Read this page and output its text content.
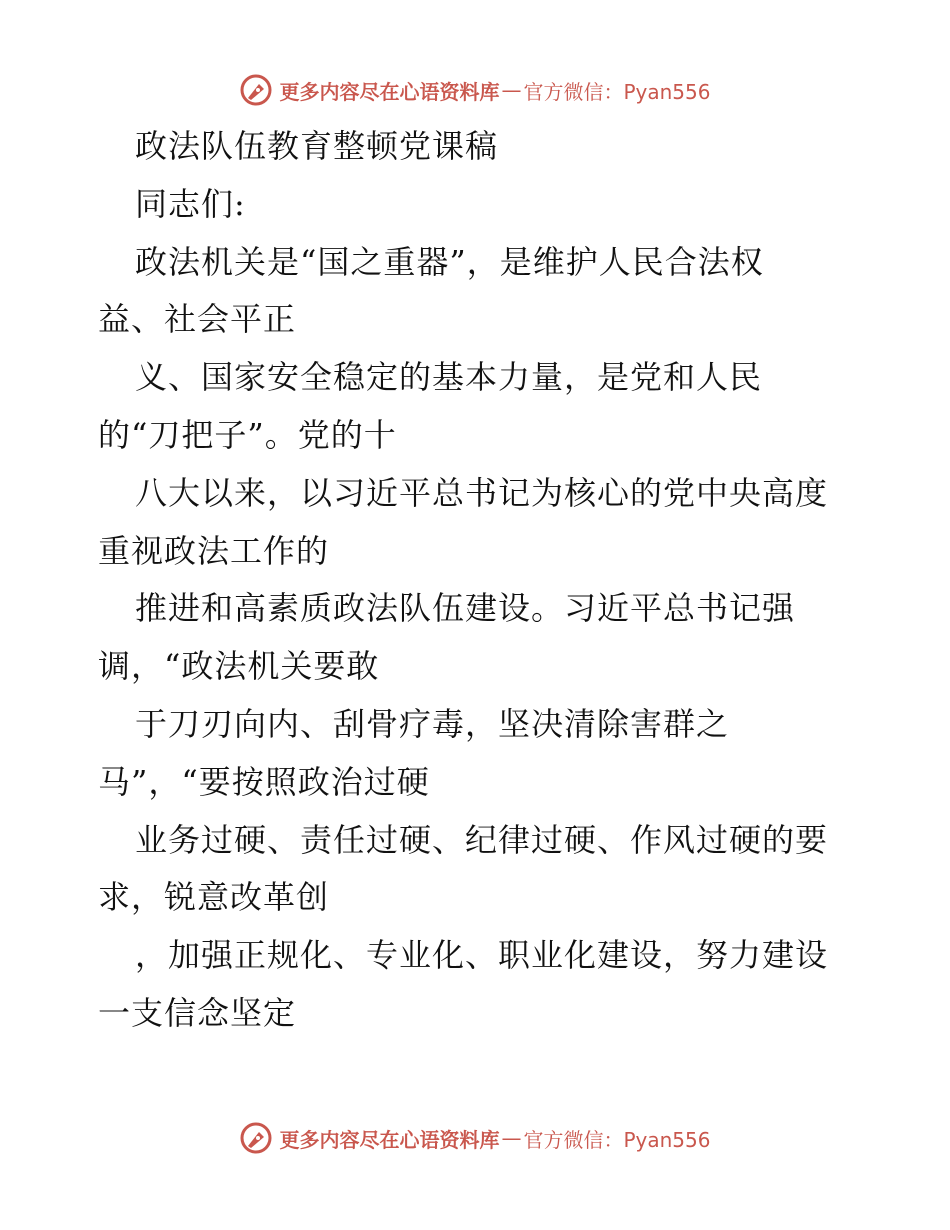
更多内容尽在心语资料库 — 官方微信：Pyan556
政法队伍教育整顿党课稿
同志们:
政法机关是“国之重器”，是维护人民合法权
益、社会平正
义、国家安全稳定的基本力量，是党和人民
的“刀把子”。党的十
八大以来，以习近平总书记为核心的党中央高度
重视政法工作的
推进和高素质政法队伍建设。习近平总书记强
调，“政法机关要敢
于刀刃向内、刮骨疗毒，坚决清除害群之
马”，“要按照政治过硬
业务过硬、责任过硬、纪律过硬、作风过硬的要
求，锐意改革创
，加强正规化、专业化、职业化建设，努力建设
一支信念坚定
更多内容尽在心语资料库 — 官方微信：Pyan556
